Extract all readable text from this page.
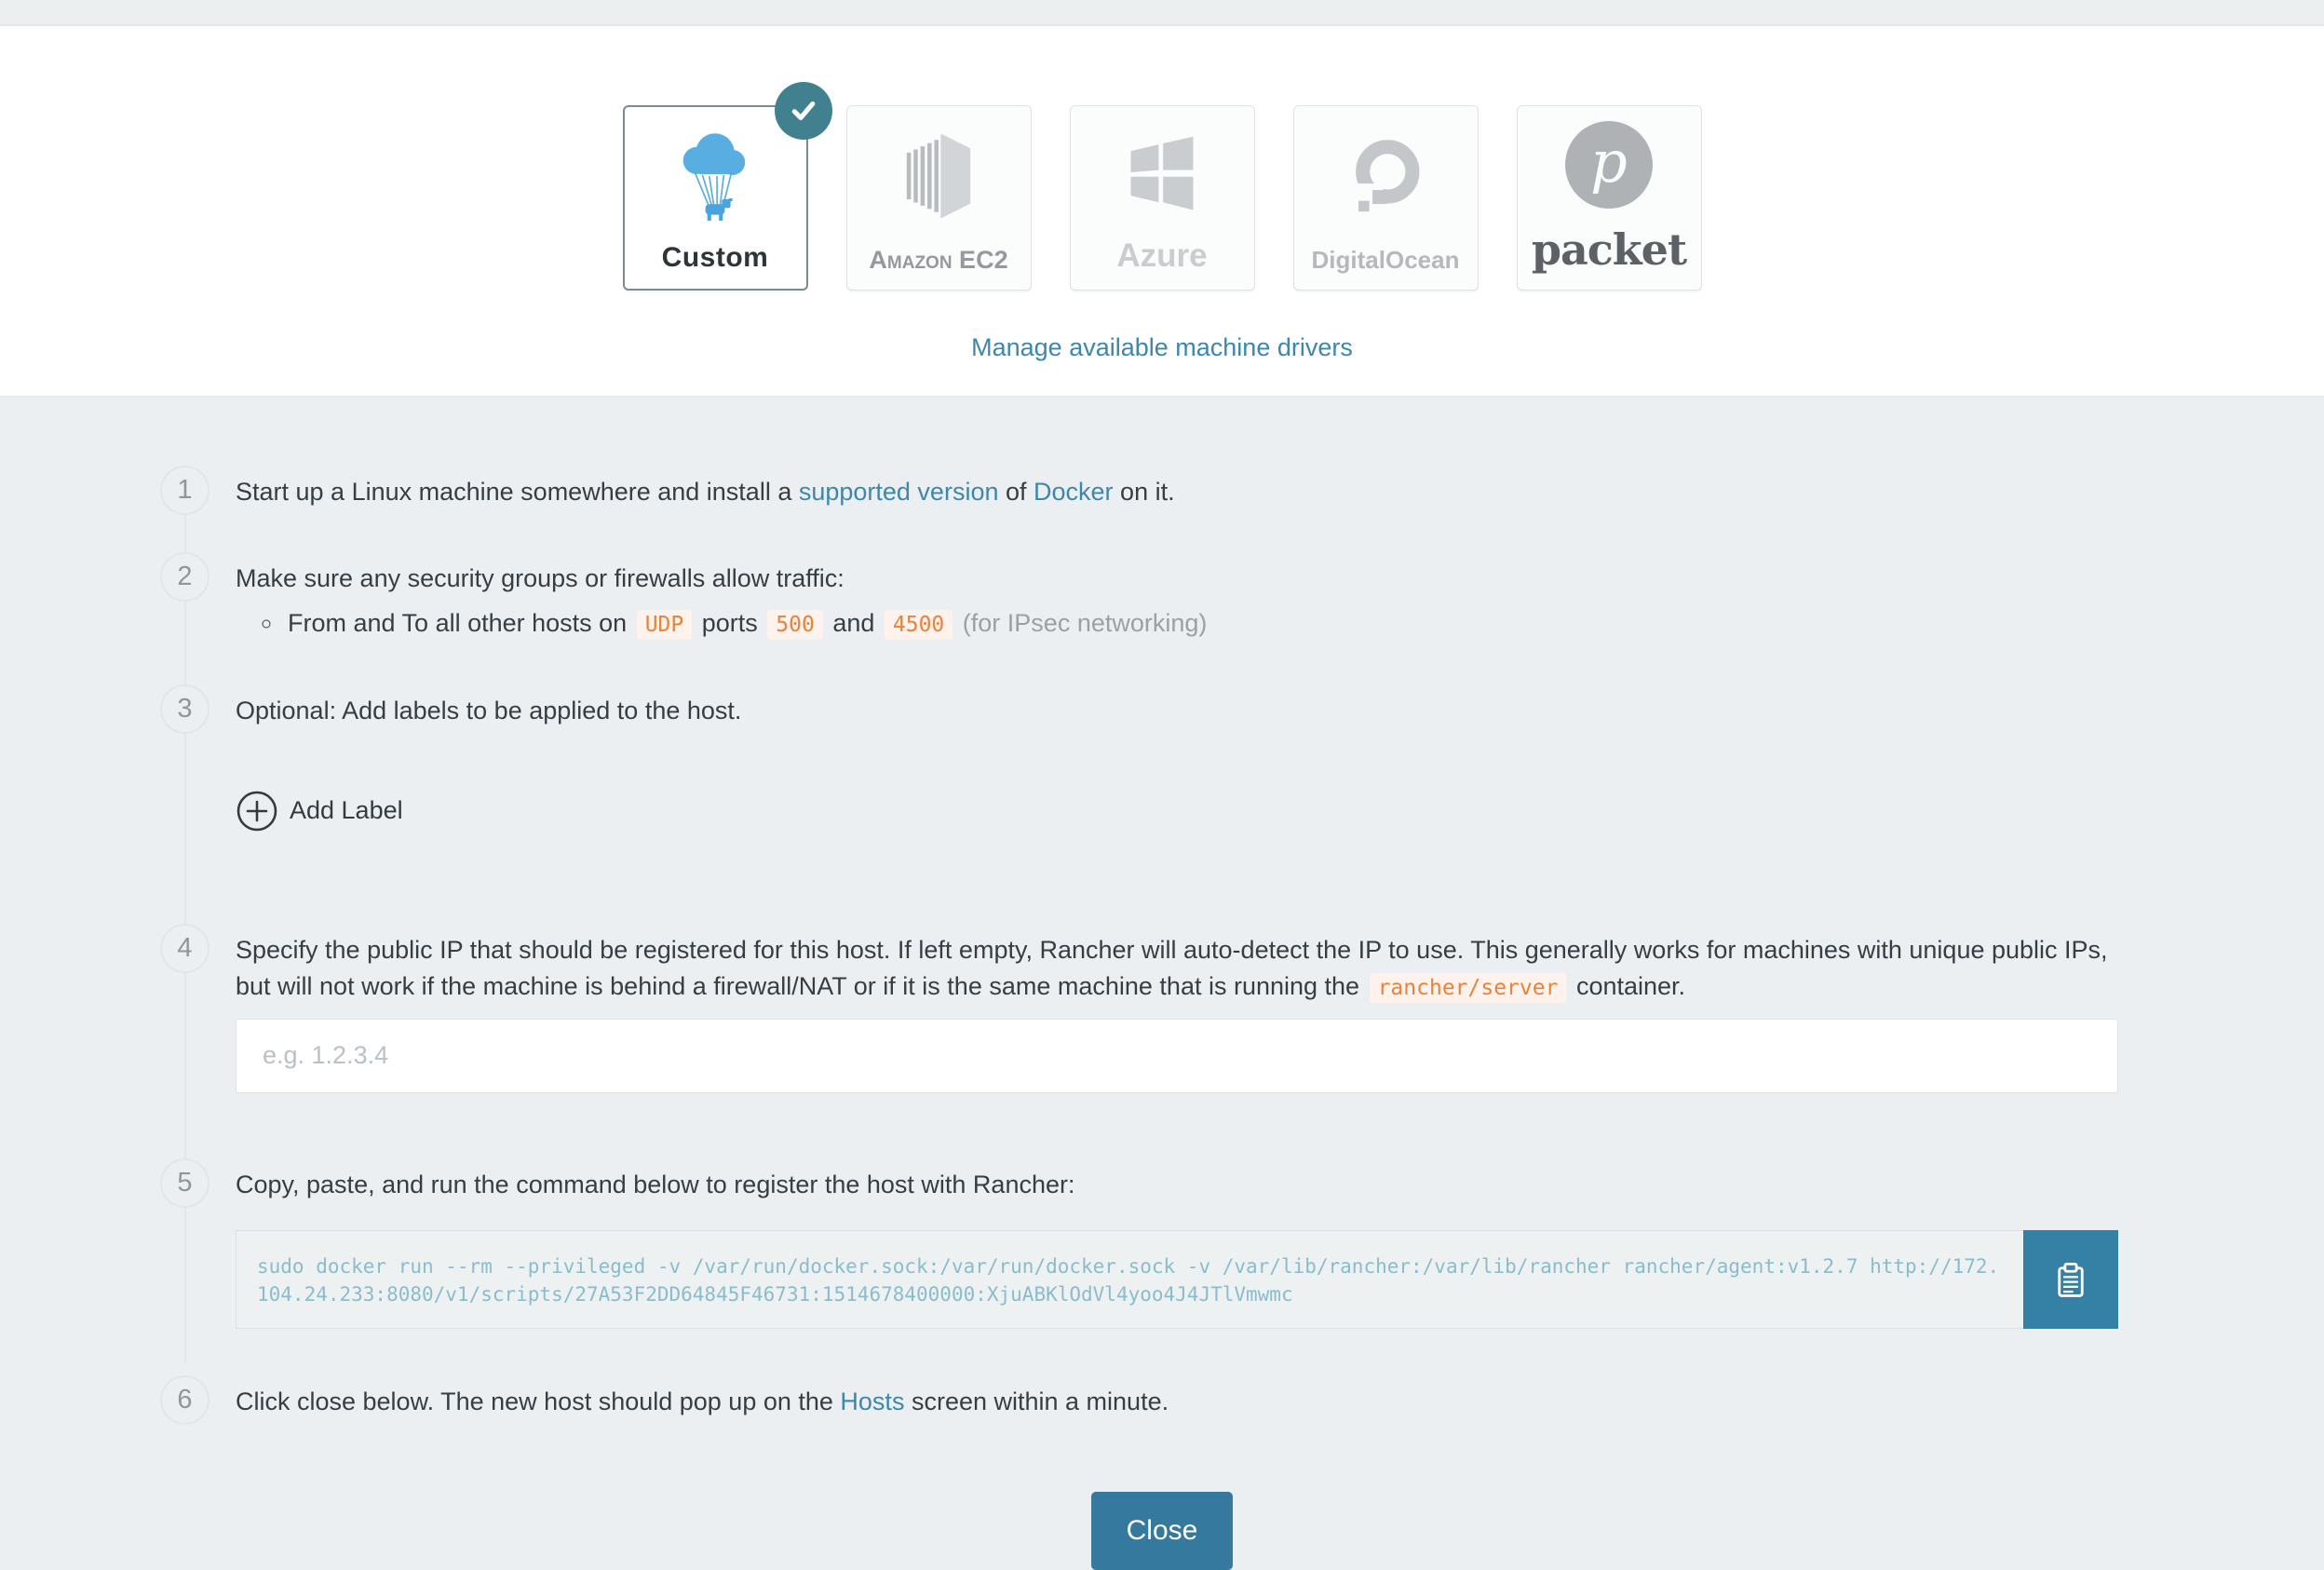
Custom	Amazon EC2	Azure	DigitalOcean
p
packet
Manage available machine drivers
1	Start up a Linux machine somewhere and install a supported version of Docker on it.
2	Make sure any security groups or firewalls allow traffic:
◦ From and To all other hosts on UDP ports 500 and 4500 (for IPsec networking)
3	Optional: Add labels to be applied to the host.
Add Label
4	Specify the public IP that should be registered for this host. If left empty, Rancher will auto-detect the IP to use. This generally works for machines with unique public IPs, but will not work if the machine is behind a firewall/NAT or if it is the same machine that is running the rancher/server container.
e.g. 1.2.3.4
5	Copy, paste, and run the command below to register the host with Rancher:
sudo docker run --rm --privileged -v /var/run/docker.sock:/var/run/docker.sock -v /var/lib/rancher:/var/lib/rancher rancher/agent:v1.2.7 http://172.104.24.233:8080/v1/scripts/27A53F2DD64845F46731:1514678400000:XjuABKlOdVl4yoo4J4JTlVmwmc
6	Click close below. The new host should pop up on the Hosts screen within a minute.
Close
